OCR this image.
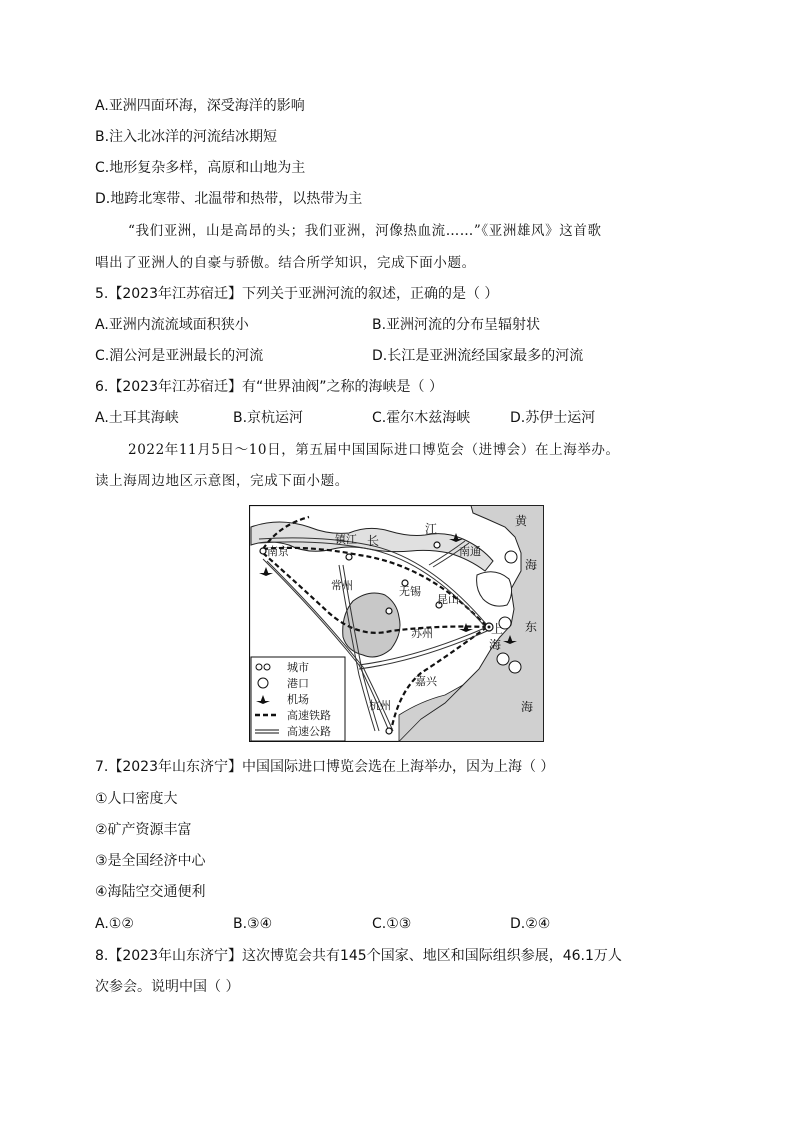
A.亚洲四面环海，深受海洋的影响
B.注入北冰洋的河流结冰期短
C.地形复杂多样，高原和山地为主
D.地跨北寒带、北温带和热带，以热带为主
“我们亚洲，山是高昂的头；我们亚洲，河像热血流……”《亚洲雄风》这首歌
唱出了亚洲人的自豪与骄傲。结合所学知识，完成下面小题。
5.【2023年江苏宿迁】下列关于亚洲河流的叙述，正确的是（ ）
A.亚洲内流流域面积狭小	B.亚洲河流的分布呈辐射状
C.湄公河是亚洲最长的河流	D.长江是亚洲流经国家最多的河流
6.【2023年江苏宿迁】有“世界油阀”之称的海峡是（ ）
A.土耳其海峡	B.京杭运河	C.霍尔木兹海峡	D.苏伊士运河
2022年11月5日～10日，第五届中国国际进口博览会（进博会）在上海举办。
读上海周边地区示意图，完成下面小题。
南京
镇江 长
江
南通
黄
海
常州	无锡
昆山
苏州	上
海
东
海
嘉兴
杭州
城市
港口
机场
高速铁路
高速公路
7.【2023年山东济宁】中国国际进口博览会选在上海举办，因为上海（ ）
①人口密度大
②矿产资源丰富
③是全国经济中心
④海陆空交通便利
A.①②	B.③④	C.①③	D.②④
8.【2023年山东济宁】这次博览会共有145个国家、地区和国际组织参展，46.1万人
次参会。说明中国（ ）
